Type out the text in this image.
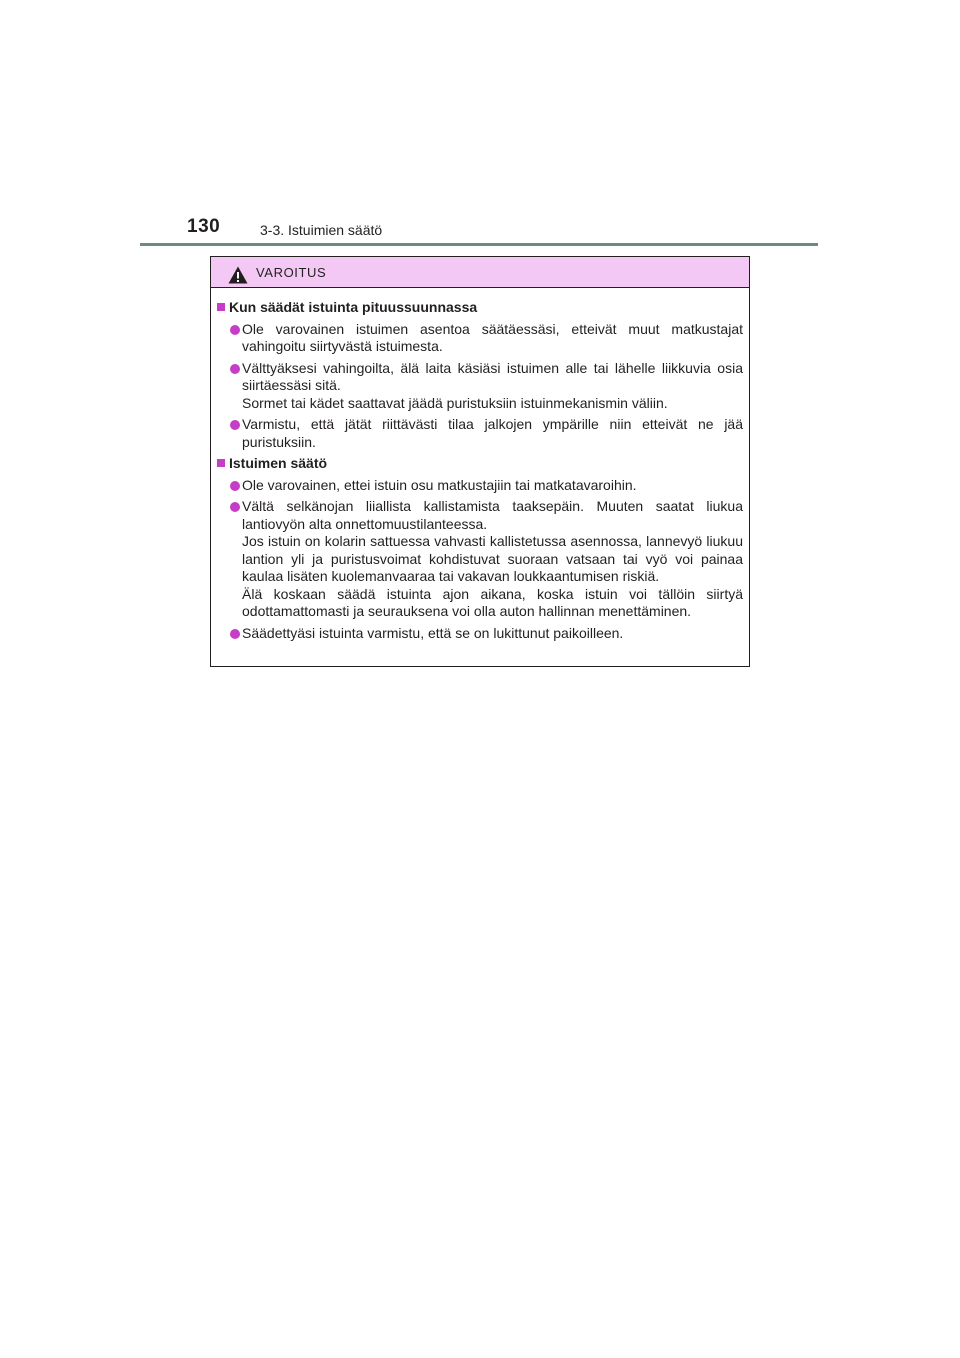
130	3-3. Istuimien säätö
VAROITUS
Kun säädät istuinta pituussuunnassa
Ole varovainen istuimen asentoa säätäessäsi, etteivät muut matkustajat vahingoitu siirtyvästä istuimesta.
Välttyäksesi vahingoilta, älä laita käsiäsi istuimen alle tai lähelle liikkuvia osia siirtäessäsi sitä.
Sormet tai kädet saattavat jäädä puristuksiin istuinmekanismin väliin.
Varmistu, että jätät riittävästi tilaa jalkojen ympärille niin etteivät ne jää puristuksiin.
Istuimen säätö
Ole varovainen, ettei istuin osu matkustajiin tai matkatavaroihin.
Vältä selkänojan liiallista kallistamista taaksepäin. Muuten saatat liukua lantiovyön alta onnettomuustilanteessa.
Jos istuin on kolarin sattuessa vahvasti kallistetussa asennossa, lannevyö liukuu lantion yli ja puristusvoimat kohdistuvat suoraan vatsaan tai vyö voi painaa kaulaa lisäten kuolemanvaaraa tai vakavan loukkaantumisen riskiä.
Älä koskaan säädä istuinta ajon aikana, koska istuin voi tällöin siirtyä odottamattomasti ja seurauksena voi olla auton hallinnan menettäminen.
Säädettyäsi istuinta varmistu, että se on lukittunut paikoilleen.
